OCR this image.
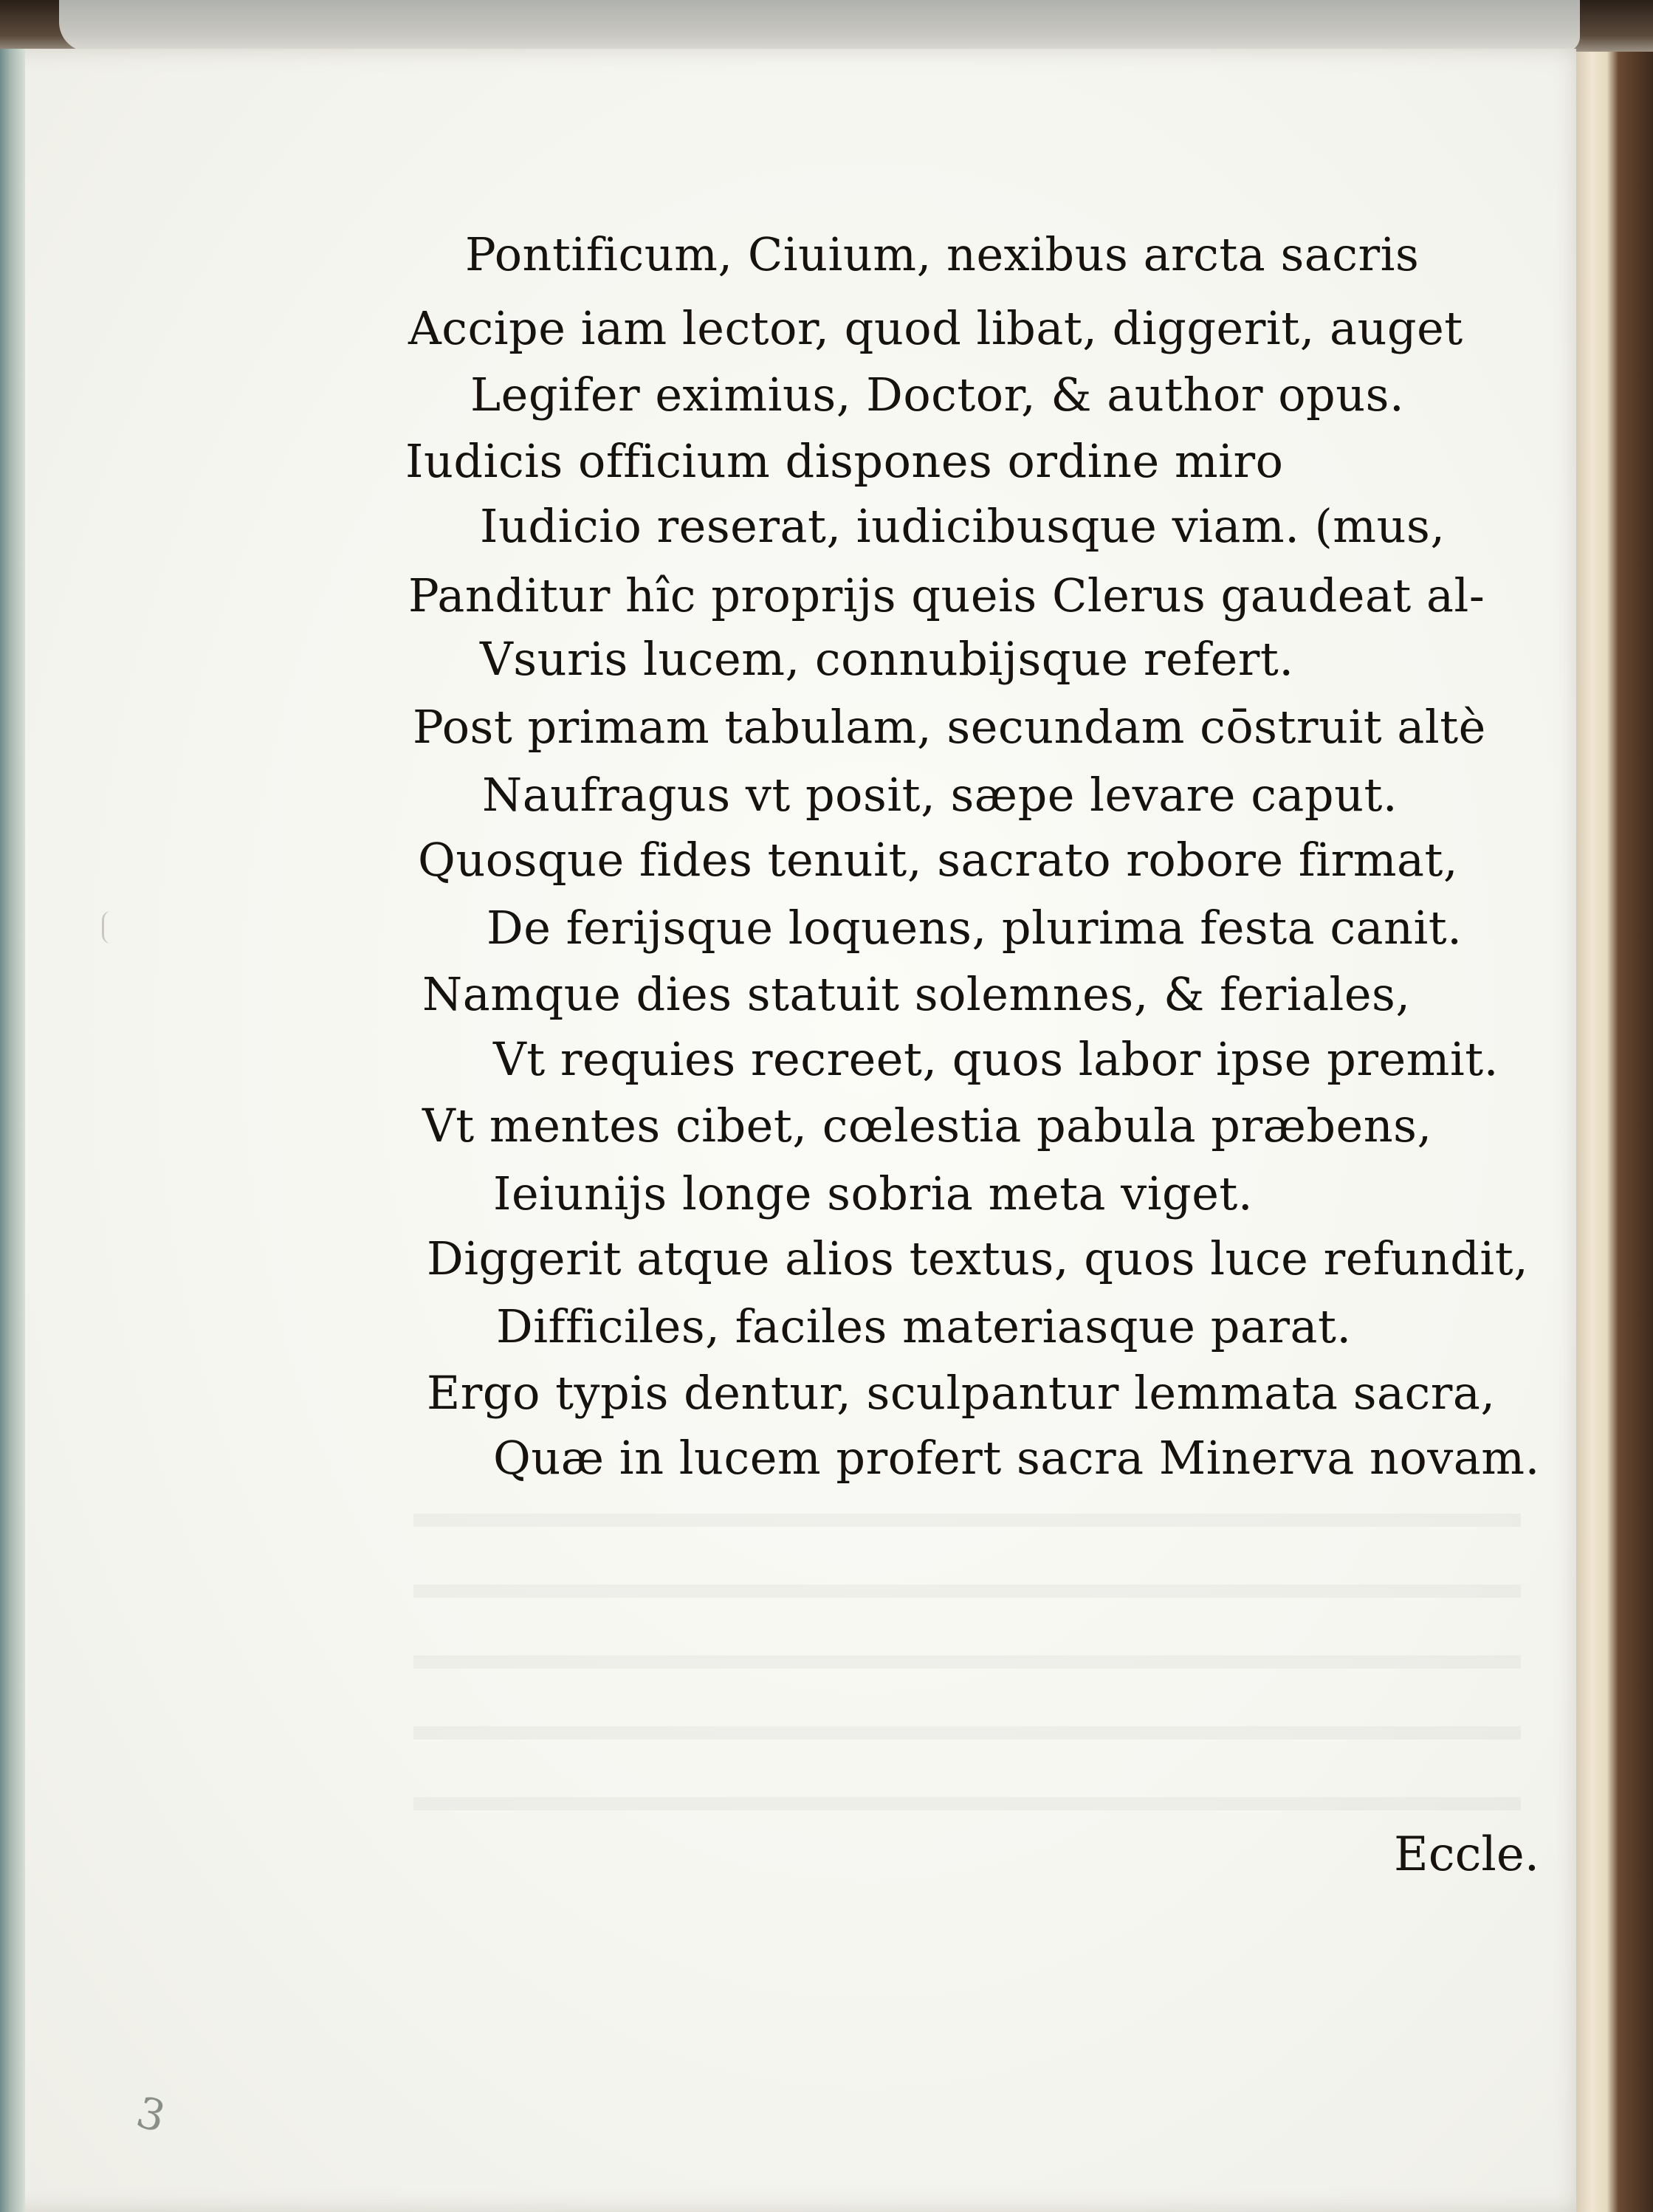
Pontificum, Ciuium, nexibus arcta sacris
Accipe iam lector, quod libat, diggerit, auget
Legifer eximius, Doctor, & author opus.
Iudicis officium dispones ordine miro
Iudicio reserat, iudicibusque viam. (mus,
Panditur hîc proprijs queis Clerus gaudeat al-
Vsuris lucem, connubijsque refert.
Post primam tabulam, secundam cōstruit altè
Naufragus vt posit, sæpe levare caput.
Quosque fides tenuit, sacrato robore firmat,
De ferijsque loquens, plurima festa canit.
Namque dies statuit solemnes, & feriales,
Vt requies recreet, quos labor ipse premit.
Vt mentes cibet, cœlestia pabula præbens,
Ieiunijs longe sobria meta viget.
Diggerit atque alios textus, quos luce refundit,
Difficiles, faciles materiasque parat.
Ergo typis dentur, sculpantur lemmata sacra,
Quæ in lucem profert sacra Minerva novam.
Eccle.
3
